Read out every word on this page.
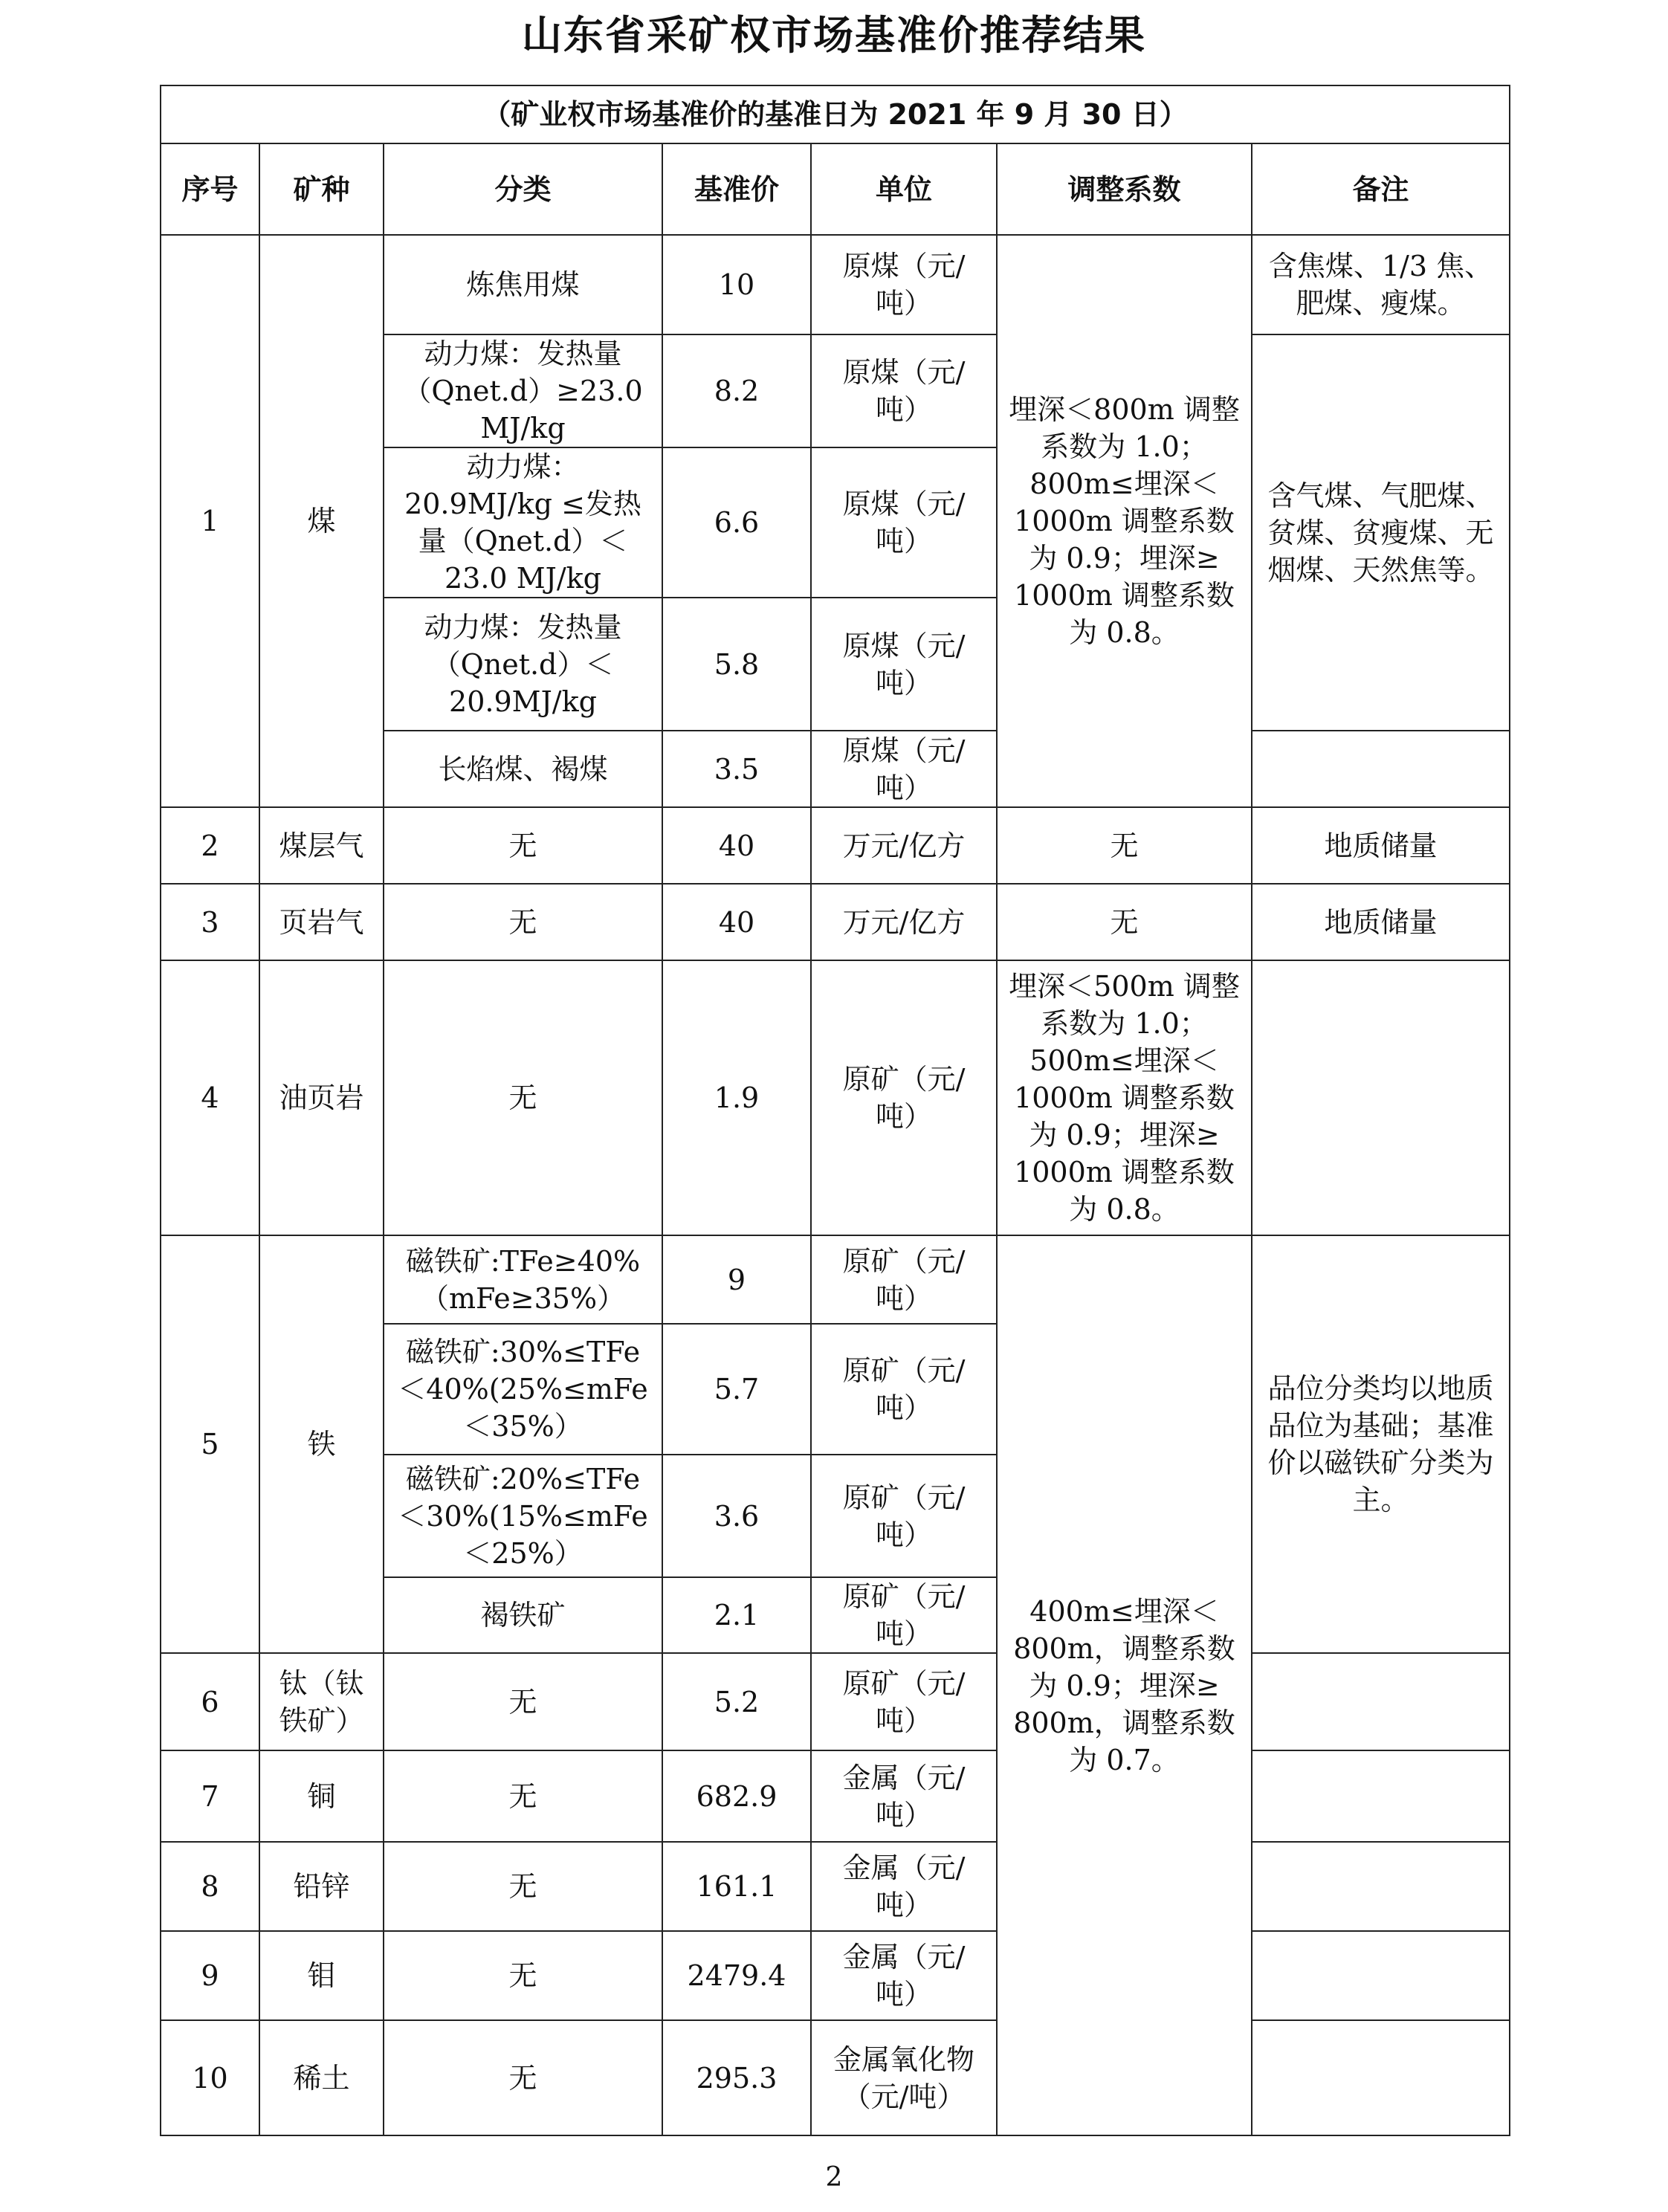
山东省采矿权市场基准价推荐结果
（矿业权市场基准价的基准日为 2021 年 9 月 30 日）						
序号	矿种	分类	基准价	单位	调整系数	备注
1	煤	炼焦用煤	10	原煤（元/吨）	埋深＜800m 调整系数为 1.0；800m≤埋深＜ 1000m 调整系数为 0.9；埋深≥ 1000m 调整系数为 0.8。	含焦煤、1/3 焦、肥煤、瘦煤。
		动力煤：发热量（Qnet.d）≥23.0 MJ/kg	8.2	原煤（元/吨）		含气煤、气肥煤、贫煤、贫瘦煤、无烟煤、天然焦等。
		动力煤：20.9MJ/kg ≤发热量（Qnet.d）＜23.0 MJ/kg	6.6	原煤（元/吨）		
		动力煤：发热量（Qnet.d）＜ 20.9MJ/kg	5.8	原煤（元/吨）		
		长焰煤、褐煤	3.5	原煤（元/吨）		
2	煤层气	无	40	万元/亿方	无	地质储量
3	页岩气	无	40	万元/亿方	无	地质储量
4	油页岩	无	1.9	原矿（元/吨）	埋深＜500m 调整系数为 1.0；500m≤埋深＜1000m 调整系数为 0.9；埋深≥ 1000m 调整系数为 0.8。	
5	铁	磁铁矿:TFe≥40%（mFe≥35%）	9	原矿（元/吨）	400m≤埋深＜ 800m，调整系数为 0.9；埋深≥ 800m，调整系数为 0.7。	品位分类均以地质品位为基础；基准价以磁铁矿分类为主。
		磁铁矿:30%≤TFe ＜40%(25%≤mFe ＜35%）	5.7	原矿（元/吨）		
		磁铁矿:20%≤TFe ＜30%(15%≤mFe ＜25%）	3.6	原矿（元/吨）		
		褐铁矿	2.1	原矿（元/吨）		
6	钛（钛铁矿）	无	5.2	原矿（元/吨）		
7	铜	无	682.9	金属（元/吨）		
8	铅锌	无	161.1	金属（元/吨）		
9	钼	无	2479.4	金属（元/吨）		
10	稀土	无	295.3	金属氧化物（元/吨）		
2
